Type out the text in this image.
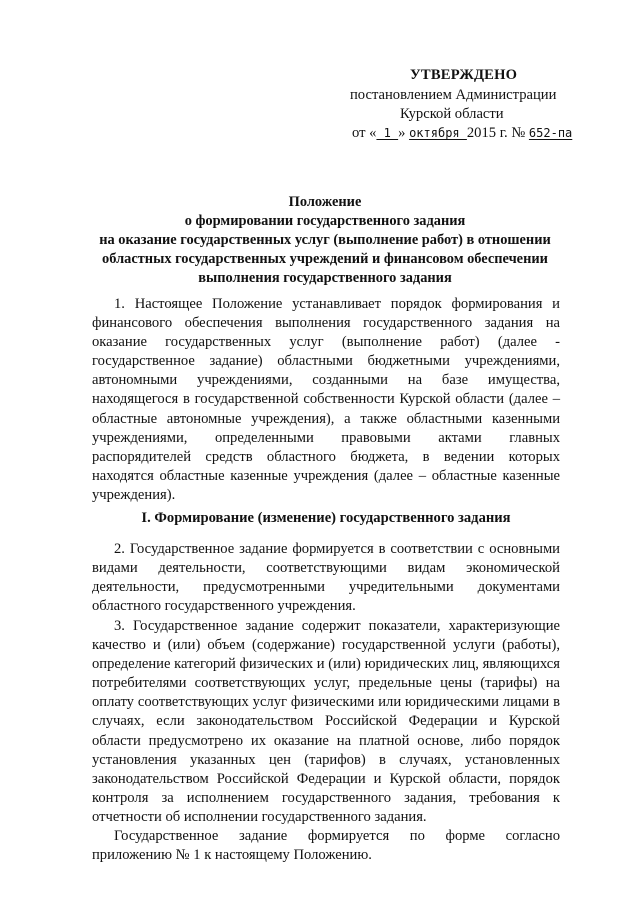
УТВЕРЖДЕНО
постановлением Администрации
Курской области
от « 1 » октября 2015 г. № 652-па
Положение
о формировании государственного задания
на оказание государственных услуг (выполнение работ) в отношении
областных государственных учреждений и финансовом обеспечении
выполнения государственного задания
1. Настоящее Положение устанавливает порядок формирования и
финансового обеспечения выполнения государственного задания на
оказание государственных услуг (выполнение работ) (далее -
государственное задание) областными бюджетными учреждениями,
автономными учреждениями, созданными на базе имущества,
находящегося в государственной собственности Курской области (далее –
областные автономные учреждения), а также областными казенными
учреждениями, определенными правовыми актами главных
распорядителей средств областного бюджета, в ведении которых
находятся областные казенные учреждения (далее – областные казенные
учреждения).
I. Формирование (изменение) государственного задания
2. Государственное задание формируется в соответствии с основными
видами деятельности, соответствующими видам экономической
деятельности, предусмотренными учредительными документами
областного государственного учреждения.
3. Государственное задание содержит показатели, характеризующие
качество и (или) объем (содержание) государственной услуги (работы),
определение категорий физических и (или) юридических лиц, являющихся
потребителями соответствующих услуг, предельные цены (тарифы) на
оплату соответствующих услуг физическими или юридическими лицами в
случаях, если законодательством Российской Федерации и Курской
области предусмотрено их оказание на платной основе, либо порядок
установления указанных цен (тарифов) в случаях, установленных
законодательством Российской Федерации и Курской области, порядок
контроля за исполнением государственного задания, требования к
отчетности об исполнении государственного задания.
Государственное задание формируется по форме согласно
приложению № 1 к настоящему Положению.
